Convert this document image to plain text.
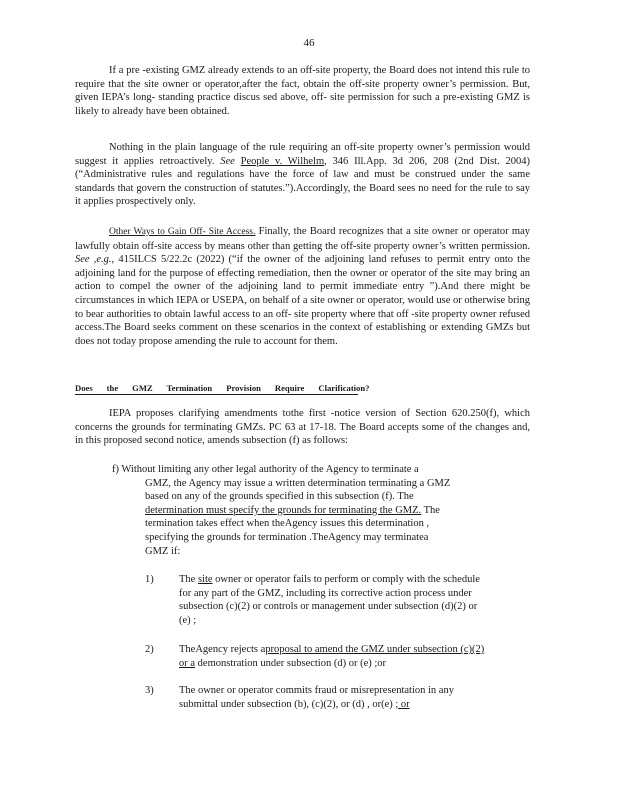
46

If a pre -existing GMZ already extends to an off-site property, the Board does not intend this rule to require that the site owner or operator,after the fact, obtain the off-site property owner’s permission. But, given IEPA’s long- standing practice discus sed above, off- site permission for such a pre-existing GMZ is likely to already have been obtained.

Nothing in the plain language of the rule requiring an off-site property owner’s permission would suggest it applies retroactively. See People v. Wilhelm, 346 Ill.App. 3d 206, 208 (2nd Dist. 2004) (“Administrative rules and regulations have the force of law and must be construed under the same standards that govern the construction of statutes.”).Accordingly, the Board sees no need for the rule to say it applies prospectively only.

Other Ways to Gain Off- Site Access. Finally, the Board recognizes that a site owner or operator may lawfully obtain off-site access by means other than getting the off-site property owner’s written permission. See ,e.g., 415ILCS 5/22.2c (2022) (“if the owner of the adjoining land refuses to permit entry onto the adjoining land for the purpose of effecting remediation, then the owner or operator of the site may bring an action to compel the owner of the adjoining land to permit immediate entry ”).And there might be circumstances in which IEPA or USEPA, on behalf of a site owner or operator, would use or otherwise bring to bear authorities to obtain lawful access to an off- site property where that off -site property owner refused access.The Board seeks comment on these scenarios in the context of establishing or extending GMZs but does not today propose amending the rule to account for them.

Does the GMZ Termination Provision Require Clarification?

IEPA proposes clarifying amendments tothe first -notice version of Section 620.250(f), which concerns the grounds for terminating GMZs. PC 63 at 17-18. The Board accepts some of the changes and, in this proposed second notice, amends subsection (f) as follows:

f) Without limiting any other legal authority of the Agency to terminate a
GMZ, the Agency may issue a written determination terminating a GMZ
based on any of the grounds specified in this subsection (f). The
determination must specify the grounds for terminating the GMZ. The
termination takes effect when theAgency issues this determination ,
specifying the grounds for termination .TheAgency may terminatea
GMZ if:
1) The site owner or operator fails to perform or comply with the schedule for any part of the GMZ, including its corrective action process under subsection (c)(2) or controls or management under subsection (d)(2) or (e) ;
2) TheAgency rejects aproposal to amend the GMZ under subsection (c)(2) or a demonstration under subsection (d) or (e) ;or
3) The owner or operator commits fraud or misrepresentation in any submittal under subsection (b), (c)(2), or (d) , or(e) ; or
